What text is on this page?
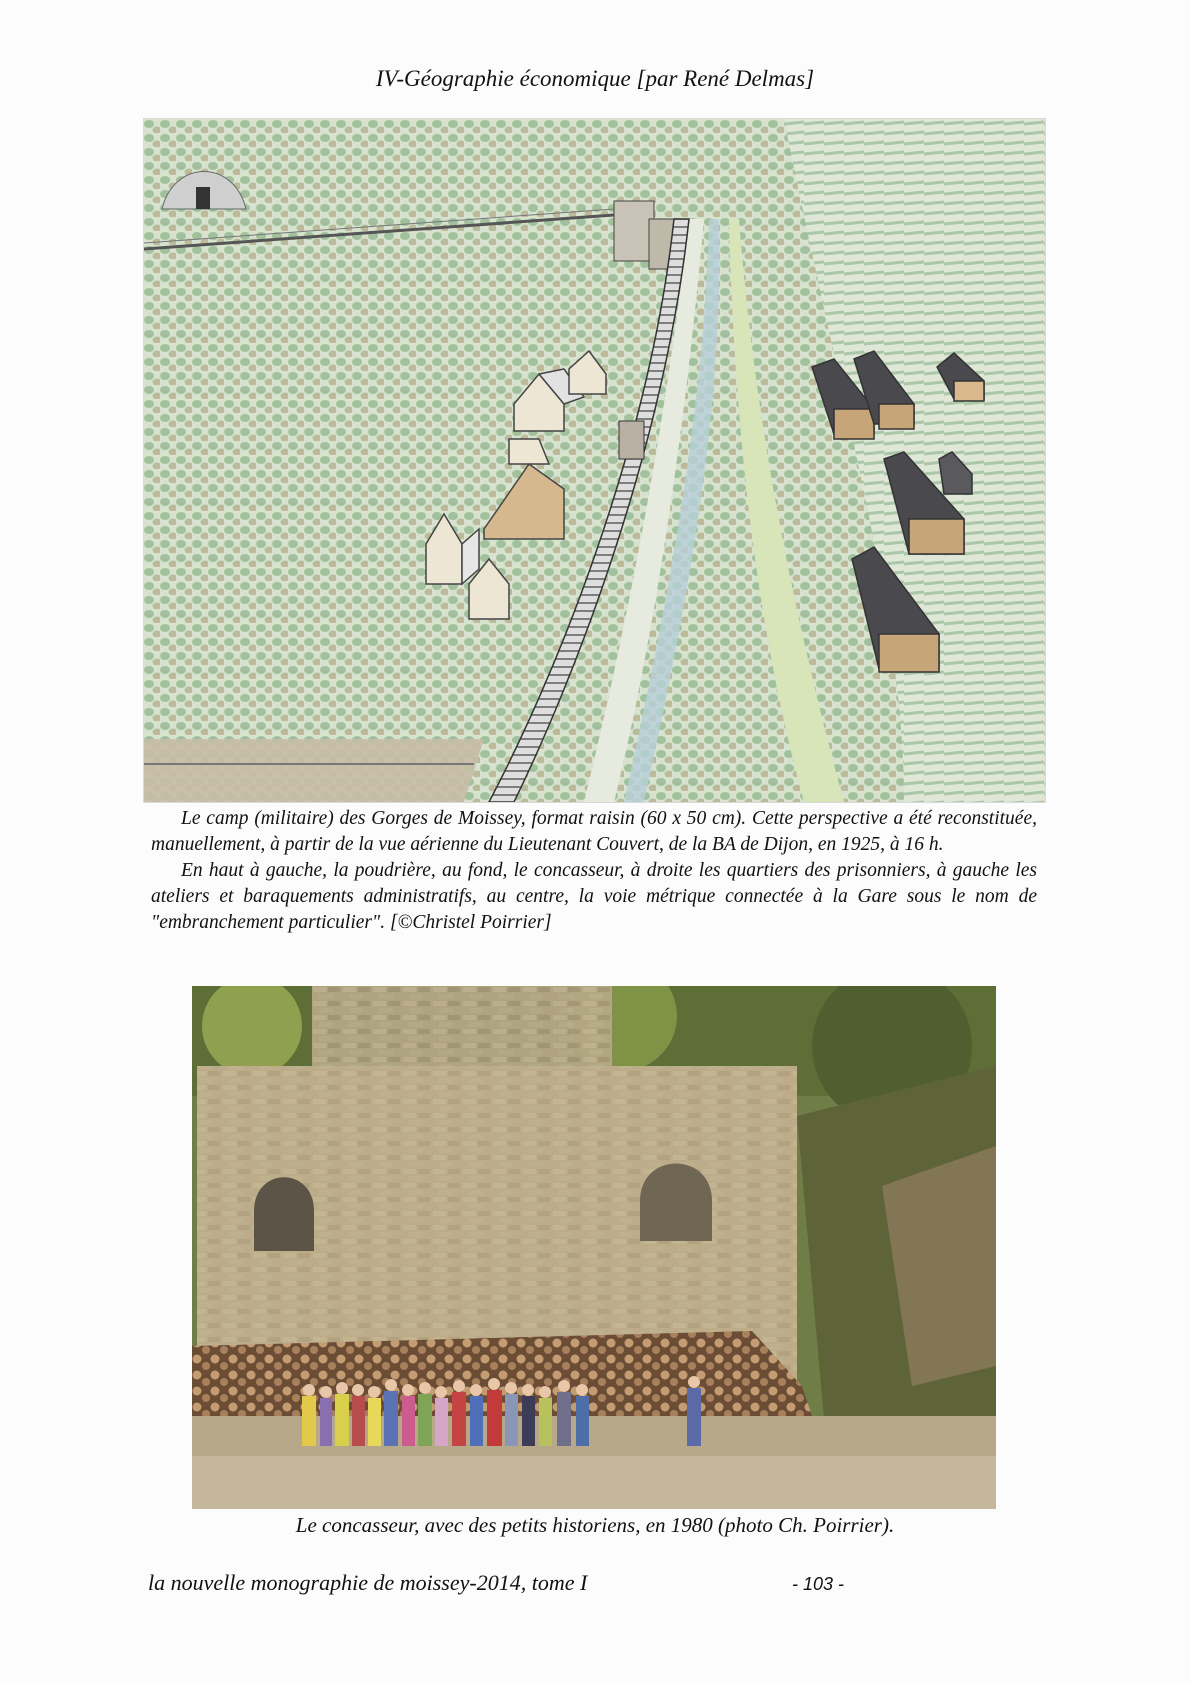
IV-Géographie économique [par René Delmas]

Le camp (militaire) des Gorges de Moissey, format raisin (60 x 50 cm). Cette perspective a été reconstituée, manuellement, à partir de la vue aérienne du Lieutenant Couvert, de la BA de Dijon, en 1925, à 16 h.

En haut à gauche, la poudrière, au fond, le concasseur, à droite les quartiers des prisonniers, à gauche les ateliers et baraquements administratifs, au centre, la voie métrique connectée à la Gare sous le nom de "embranchement particulier". [©Christel Poirrier]

Le concasseur, avec des petits historiens, en 1980 (photo Ch. Poirrier).
la nouvelle monographie de moissey-2014, tome I	- 103 -
